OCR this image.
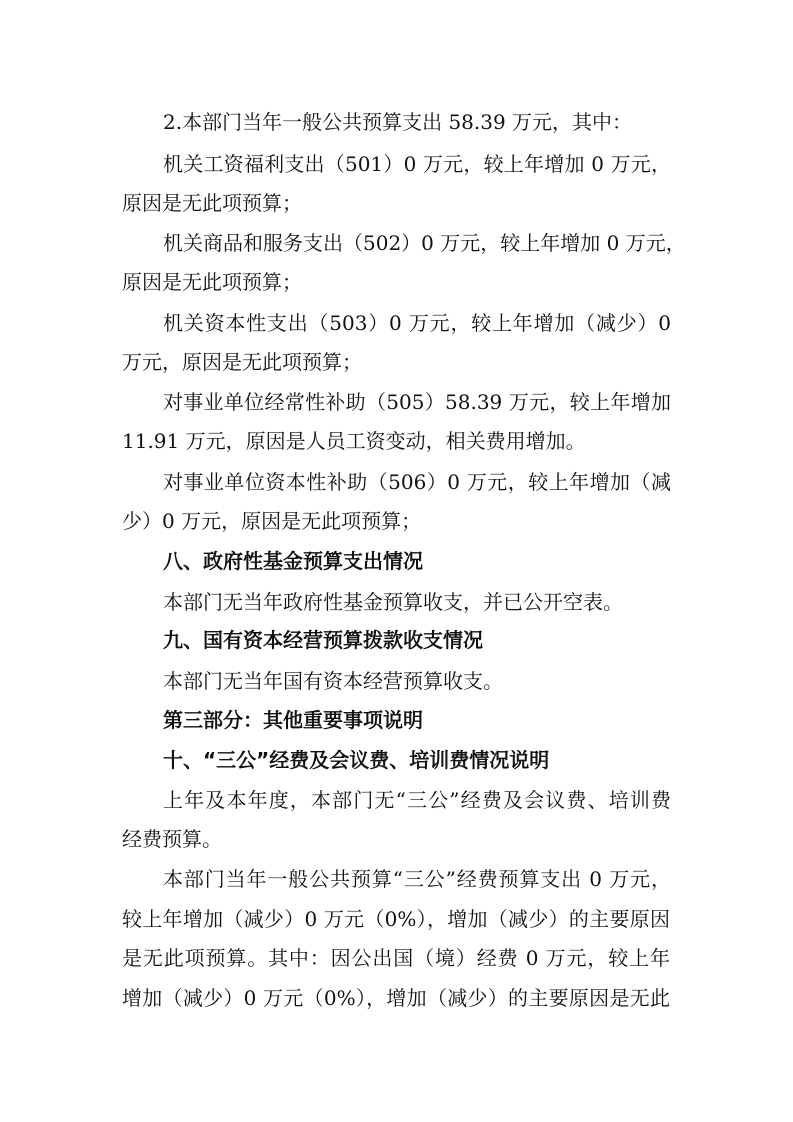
2.本部门当年一般公共预算支出 58.39 万元，其中：
机关工资福利支出（501）0 万元，较上年增加 0 万元，
原因是无此项预算；
机关商品和服务支出（502）0 万元，较上年增加 0 万元，
原因是无此项预算；
机关资本性支出（503）0 万元，较上年增加（减少）0
万元，原因是无此项预算；
对事业单位经常性补助（505）58.39 万元，较上年增加
11.91 万元，原因是人员工资变动，相关费用增加。
对事业单位资本性补助（506）0 万元，较上年增加（减
少）0 万元，原因是无此项预算；
八、政府性基金预算支出情况
本部门无当年政府性基金预算收支，并已公开空表。
九、国有资本经营预算拨款收支情况
本部门无当年国有资本经营预算收支。
第三部分：其他重要事项说明
十、“三公”经费及会议费、培训费情况说明
上年及本年度，本部门无“三公”经费及会议费、培训费
经费预算。
本部门当年一般公共预算“三公”经费预算支出 0 万元，
较上年增加（减少）0 万元（0%），增加（减少）的主要原因
是无此项预算。其中：因公出国（境）经费 0 万元，较上年
增加（减少）0 万元（0%），增加（减少）的主要原因是无此
